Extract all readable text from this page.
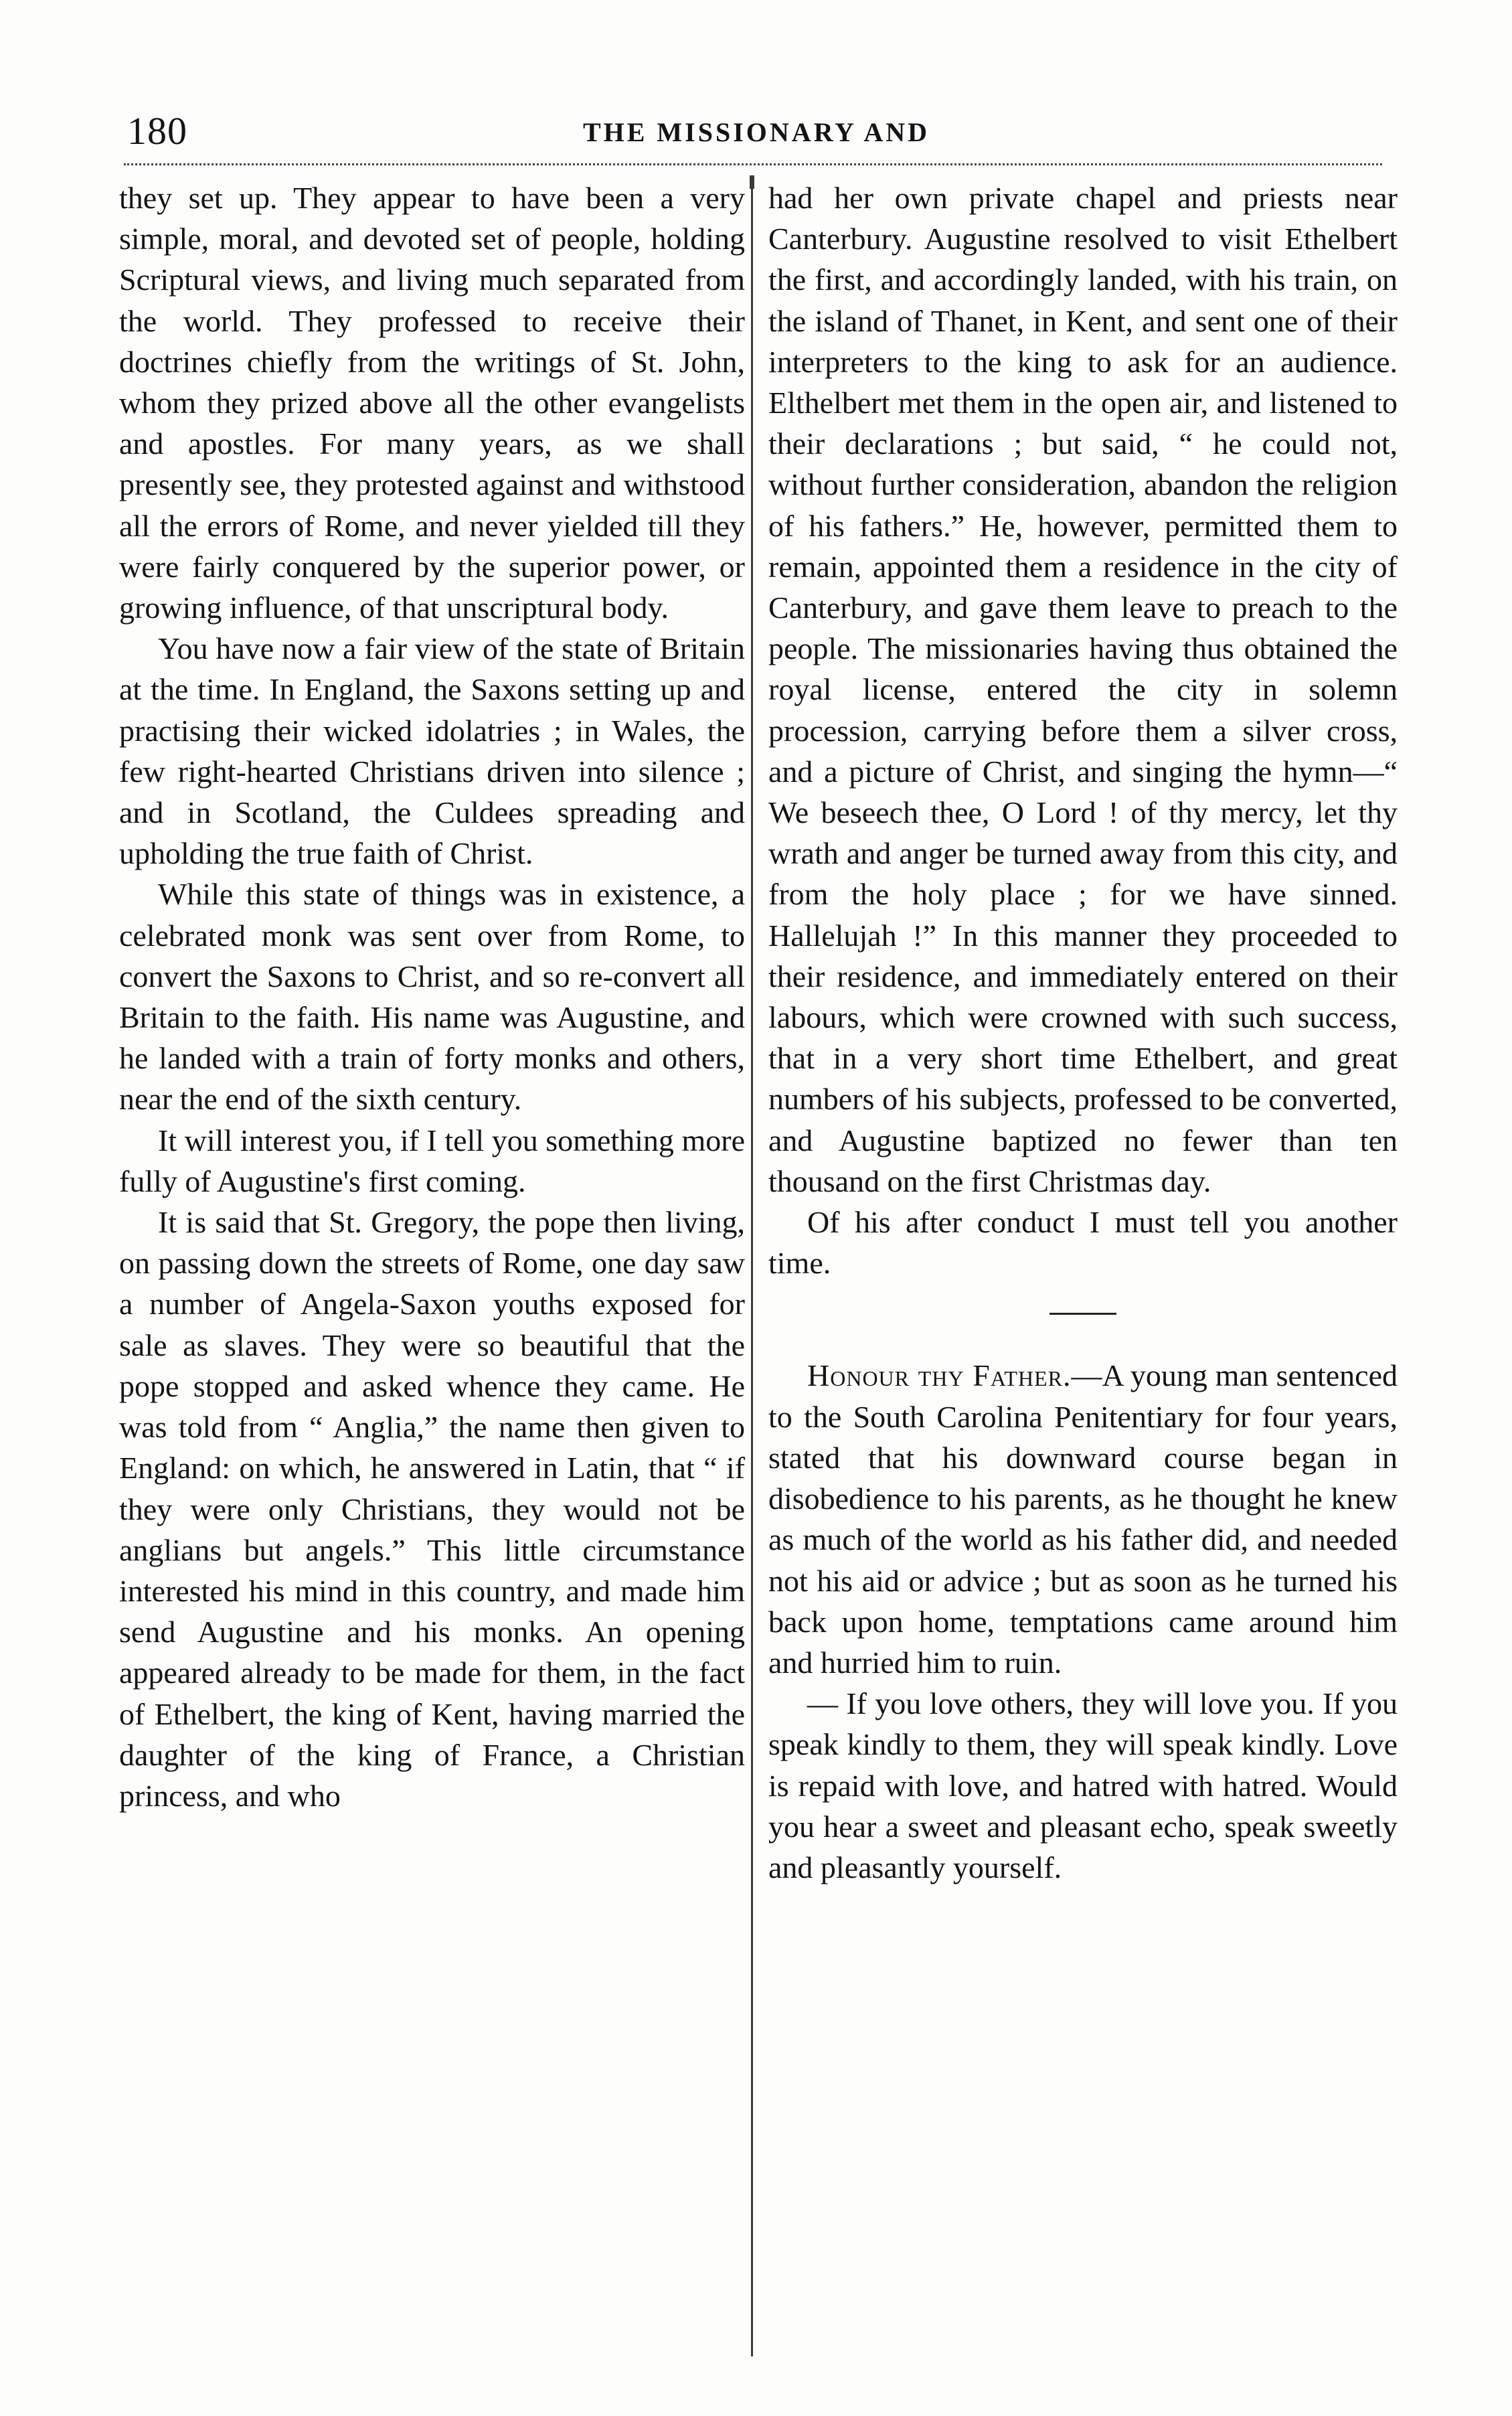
180	THE MISSIONARY AND

they set up. They appear to have been a very simple, moral, and devoted set of people, holding Scriptural views, and living much separated from the world. They professed to receive their doctrines chiefly from the writings of St. John, whom they prized above all the other evangelists and apostles. For many years, as we shall presently see, they protested against and withstood all the errors of Rome, and never yielded till they were fairly conquered by the superior power, or growing influence, of that unscriptural body.

You have now a fair view of the state of Britain at the time. In England, the Saxons setting up and practising their wicked idolatries ; in Wales, the few right-hearted Christians driven into silence ; and in Scotland, the Culdees spreading and upholding the true faith of Christ.

While this state of things was in existence, a celebrated monk was sent over from Rome, to convert the Saxons to Christ, and so re-convert all Britain to the faith. His name was Augustine, and he landed with a train of forty monks and others, near the end of the sixth century.

It will interest you, if I tell you something more fully of Augustine's first coming.

It is said that St. Gregory, the pope then living, on passing down the streets of Rome, one day saw a number of Angela-Saxon youths exposed for sale as slaves. They were so beautiful that the pope stopped and asked whence they came. He was told from “ Anglia,” the name then given to England: on which, he answered in Latin, that “ if they were only Christians, they would not be anglians but angels.” This little circumstance interested his mind in this country, and made him send Augustine and his monks. An opening appeared already to be made for them, in the fact of Ethelbert, the king of Kent, having married the daughter of the king of France, a Christian princess, and who

had her own private chapel and priests near Canterbury. Augustine resolved to visit Ethelbert the first, and accordingly landed, with his train, on the island of Thanet, in Kent, and sent one of their interpreters to the king to ask for an audience. Elthelbert met them in the open air, and listened to their declarations ; but said, “ he could not, without further consideration, abandon the religion of his fathers.” He, however, permitted them to remain, appointed them a residence in the city of Canterbury, and gave them leave to preach to the people. The missionaries having thus obtained the royal license, entered the city in solemn procession, carrying before them a silver cross, and a picture of Christ, and singing the hymn—“ We beseech thee, O Lord ! of thy mercy, let thy wrath and anger be turned away from this city, and from the holy place ; for we have sinned. Hallelujah !” In this manner they proceeded to their residence, and immediately entered on their labours, which were crowned with such success, that in a very short time Ethelbert, and great numbers of his subjects, professed to be converted, and Augustine baptized no fewer than ten thousand on the first Christmas day.

Of his after conduct I must tell you another time.

Honour thy Father.—A young man sentenced to the South Carolina Penitentiary for four years, stated that his downward course began in disobedience to his parents, as he thought he knew as much of the world as his father did, and needed not his aid or advice ; but as soon as he turned his back upon home, temptations came around him and hurried him to ruin.

— If you love others, they will love you. If you speak kindly to them, they will speak kindly. Love is repaid with love, and hatred with hatred. Would you hear a sweet and pleasant echo, speak sweetly and pleasantly yourself.
